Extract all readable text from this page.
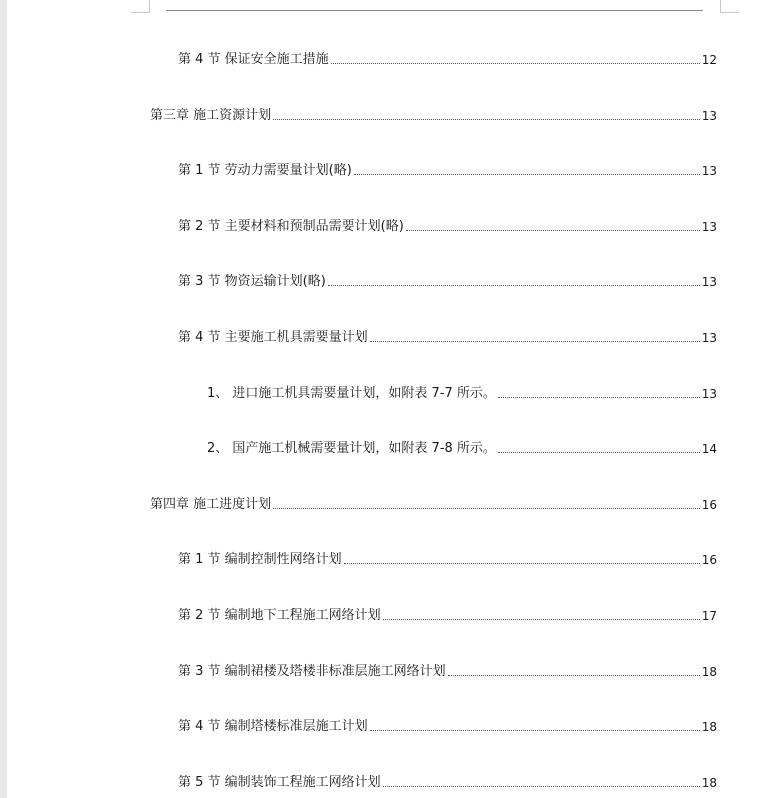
第 4 节 保证安全施工措施	12
第三章 施工资源计划	13
第 1 节 劳动力需要量计划(略)	13
第 2 节 主要材料和预制品需要计划(略)	13
第 3 节 物资运输计划(略)	13
第 4 节 主要施工机具需要量计划	13
1、 进口施工机具需要量计划，如附表 7-7 所示。	13
2、 国产施工机械需要量计划，如附表 7-8 所示。	14
第四章 施工进度计划	16
第 1 节 编制控制性网络计划	16
第 2 节 编制地下工程施工网络计划	17
第 3 节 编制裙楼及塔楼非标准层施工网络计划	18
第 4 节 编制塔楼标准层施工计划	18
第 5 节 编制装饰工程施工网络计划	18
